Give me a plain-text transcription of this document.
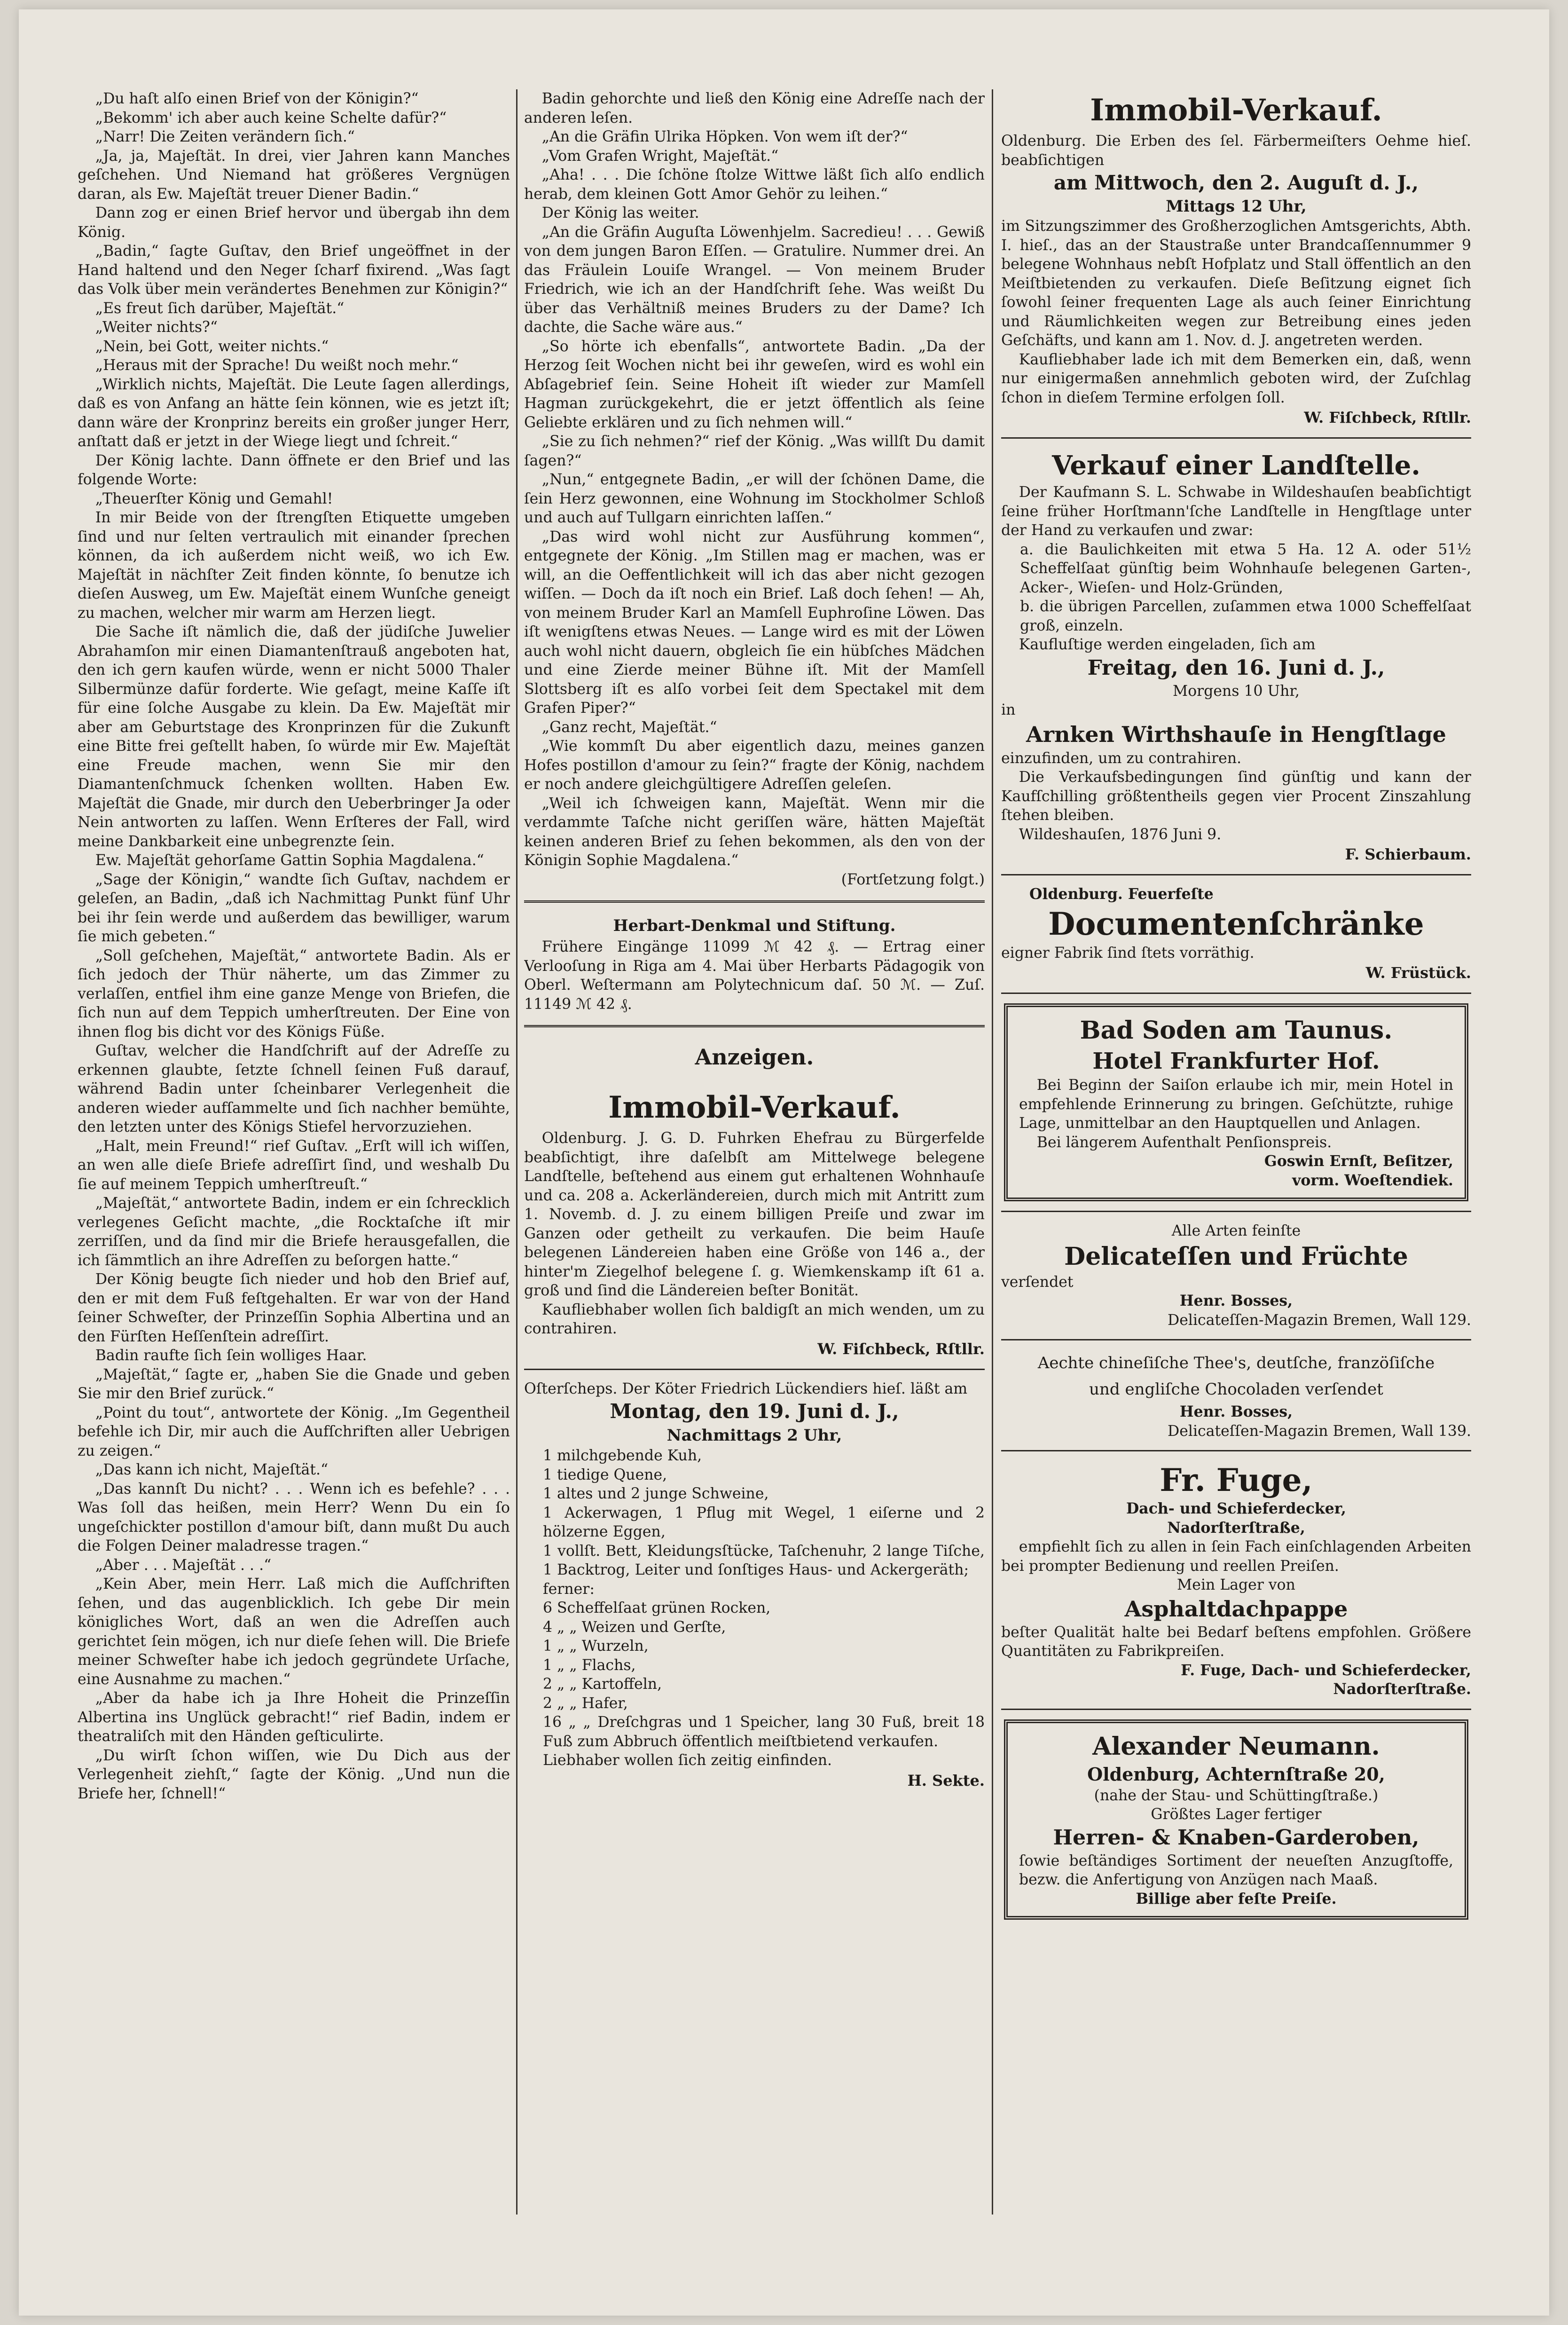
„Du haſt alſo einen Brief von der Königin?“

„Bekomm' ich aber auch keine Schelte dafür?“

„Narr! Die Zeiten verändern ſich.“

„Ja, ja, Majeſtät. In drei, vier Jahren kann Manches geſchehen. Und Niemand hat größeres Vergnügen daran, als Ew. Majeſtät treuer Diener Badin.“

Dann zog er einen Brief hervor und übergab ihn dem König.

„Badin,“ ſagte Guſtav, den Brief ungeöffnet in der Hand haltend und den Neger ſcharf fixirend. „Was ſagt das Volk über mein verändertes Benehmen zur Königin?“

„Es freut ſich darüber, Majeſtät.“

„Weiter nichts?“

„Nein, bei Gott, weiter nichts.“

„Heraus mit der Sprache! Du weißt noch mehr.“

„Wirklich nichts, Majeſtät. Die Leute ſagen allerdings, daß es von Anfang an hätte ſein können, wie es jetzt iſt; dann wäre der Kronprinz bereits ein großer junger Herr, anſtatt daß er jetzt in der Wiege liegt und ſchreit.“

Der König lachte. Dann öffnete er den Brief und las folgende Worte:

„Theuerſter König und Gemahl!

In mir Beide von der ſtrengſten Etiquette umgeben ſind und nur ſelten vertraulich mit einander ſprechen können, da ich außerdem nicht weiß, wo ich Ew. Majeſtät in nächſter Zeit finden könnte, ſo benutze ich dieſen Ausweg, um Ew. Majeſtät einem Wunſche geneigt zu machen, welcher mir warm am Herzen liegt.

Die Sache iſt nämlich die, daß der jüdiſche Juwelier Abrahamſon mir einen Diamantenſtrauß angeboten hat, den ich gern kaufen würde, wenn er nicht 5000 Thaler Silbermünze dafür forderte. Wie geſagt, meine Kaſſe iſt für eine ſolche Ausgabe zu klein. Da Ew. Majeſtät mir aber am Geburtstage des Kronprinzen für die Zukunft eine Bitte frei geſtellt haben, ſo würde mir Ew. Majeſtät eine Freude machen, wenn Sie mir den Diamantenſchmuck ſchenken wollten. Haben Ew. Majeſtät die Gnade, mir durch den Ueberbringer Ja oder Nein antworten zu laſſen. Wenn Erſteres der Fall, wird meine Dankbarkeit eine unbegrenzte ſein.

Ew. Majeſtät gehorſame Gattin Sophia Magdalena.“

„Sage der Königin,“ wandte ſich Guſtav, nachdem er geleſen, an Badin, „daß ich Nachmittag Punkt fünf Uhr bei ihr ſein werde und außerdem das bewilliger, warum ſie mich gebeten.“

„Soll geſchehen, Majeſtät,“ antwortete Badin. Als er ſich jedoch der Thür näherte, um das Zimmer zu verlaſſen, entfiel ihm eine ganze Menge von Briefen, die ſich nun auf dem Teppich umherſtreuten. Der Eine von ihnen flog bis dicht vor des Königs Füße.

Guſtav, welcher die Handſchrift auf der Adreſſe zu erkennen glaubte, ſetzte ſchnell ſeinen Fuß darauf, während Badin unter ſcheinbarer Verlegenheit die anderen wieder aufſammelte und ſich nachher bemühte, den letzten unter des Königs Stiefel hervorzuziehen.

„Halt, mein Freund!“ rief Guſtav. „Erſt will ich wiſſen, an wen alle dieſe Briefe adreſſirt ſind, und weshalb Du ſie auf meinem Teppich umherſtreuſt.“

„Majeſtät,“ antwortete Badin, indem er ein ſchrecklich verlegenes Geſicht machte, „die Rocktaſche iſt mir zerriſſen, und da ſind mir die Briefe herausgefallen, die ich ſämmtlich an ihre Adreſſen zu beſorgen hatte.“

Der König beugte ſich nieder und hob den Brief auf, den er mit dem Fuß feſtgehalten. Er war von der Hand ſeiner Schweſter, der Prinzeſſin Sophia Albertina und an den Fürſten Heſſenſtein adreſſirt.

Badin raufte ſich ſein wolliges Haar.

„Majeſtät,“ ſagte er, „haben Sie die Gnade und geben Sie mir den Brief zurück.“

„Point du tout“, antwortete der König. „Im Gegentheil befehle ich Dir, mir auch die Aufſchriften aller Uebrigen zu zeigen.“

„Das kann ich nicht, Majeſtät.“

„Das kannſt Du nicht? . . . Wenn ich es befehle? . . . Was ſoll das heißen, mein Herr? Wenn Du ein ſo ungeſchickter postillon d'amour biſt, dann mußt Du auch die Folgen Deiner maladresse tragen.“

„Aber . . . Majeſtät . . .“

„Kein Aber, mein Herr. Laß mich die Aufſchriften ſehen, und das augenblicklich. Ich gebe Dir mein königliches Wort, daß an wen die Adreſſen auch gerichtet ſein mögen, ich nur dieſe ſehen will. Die Briefe meiner Schweſter habe ich jedoch gegründete Urſache, eine Ausnahme zu machen.“

„Aber da habe ich ja Ihre Hoheit die Prinzeſſin Albertina ins Unglück gebracht!“ rief Badin, indem er theatraliſch mit den Händen geſticulirte.

„Du wirſt ſchon wiſſen, wie Du Dich aus der Verlegenheit ziehſt,“ ſagte der König. „Und nun die Briefe her, ſchnell!“

Badin gehorchte und ließ den König eine Adreſſe nach der anderen leſen.

„An die Gräfin Ulrika Höpken. Von wem iſt der?“

„Vom Grafen Wright, Majeſtät.“

„Aha! . . . Die ſchöne ſtolze Wittwe läßt ſich alſo endlich herab, dem kleinen Gott Amor Gehör zu leihen.“

Der König las weiter.

„An die Gräfin Auguſta Löwenhjelm. Sacredieu! . . . Gewiß von dem jungen Baron Eſſen. — Gratulire. Nummer drei. An das Fräulein Louiſe Wrangel. — Von meinem Bruder Friedrich, wie ich an der Handſchrift ſehe. Was weißt Du über das Verhältniß meines Bruders zu der Dame? Ich dachte, die Sache wäre aus.“

„So hörte ich ebenfalls“, antwortete Badin. „Da der Herzog ſeit Wochen nicht bei ihr geweſen, wird es wohl ein Abſagebrief ſein. Seine Hoheit iſt wieder zur Mamſell Hagman zurückgekehrt, die er jetzt öffentlich als ſeine Geliebte erklären und zu ſich nehmen will.“

„Sie zu ſich nehmen?“ rief der König. „Was willſt Du damit ſagen?“

„Nun,“ entgegnete Badin, „er will der ſchönen Dame, die ſein Herz gewonnen, eine Wohnung im Stockholmer Schloß und auch auf Tullgarn einrichten laſſen.“

„Das wird wohl nicht zur Ausführung kommen“, entgegnete der König. „Im Stillen mag er machen, was er will, an die Oeffentlichkeit will ich das aber nicht gezogen wiſſen. — Doch da iſt noch ein Brief. Laß doch ſehen! — Ah, von meinem Bruder Karl an Mamſell Euphroſine Löwen. Das iſt wenigſtens etwas Neues. — Lange wird es mit der Löwen auch wohl nicht dauern, obgleich ſie ein hübſches Mädchen und eine Zierde meiner Bühne iſt. Mit der Mamſell Slottsberg iſt es alſo vorbei ſeit dem Spectakel mit dem Grafen Piper?“

„Ganz recht, Majeſtät.“

„Wie kommſt Du aber eigentlich dazu, meines ganzen Hofes postillon d'amour zu ſein?“ fragte der König, nachdem er noch andere gleichgültigere Adreſſen geleſen.

„Weil ich ſchweigen kann, Majeſtät. Wenn mir die verdammte Taſche nicht geriſſen wäre, hätten Majeſtät keinen anderen Brief zu ſehen bekommen, als den von der Königin Sophie Magdalena.“

(Fortſetzung folgt.)

Herbart-Denkmal und Stiftung.

Frühere Eingänge 11099 ℳ 42 ₰. — Ertrag einer Verlooſung in Riga am 4. Mai über Herbarts Pädagogik von Oberl. Weſtermann am Polytechnicum daſ. 50 ℳ. — Zuſ. 11149 ℳ 42 ₰.

Anzeigen.

Immobil-Verkauf.

Oldenburg. J. G. D. Fuhrken Ehefrau zu Bürgerfelde beabſichtigt, ihre daſelbſt am Mittelwege belegene Landſtelle, beſtehend aus einem gut erhaltenen Wohnhauſe und ca. 208 a. Ackerländereien, durch mich mit Antritt zum 1. Novemb. d. J. zu einem billigen Preiſe und zwar im Ganzen oder getheilt zu verkaufen. Die beim Hauſe belegenen Ländereien haben eine Größe von 146 a., der hinter'm Ziegelhof belegene ſ. g. Wiemkenskamp iſt 61 a. groß und ſind die Ländereien beſter Bonität.

Kaufliebhaber wollen ſich baldigſt an mich wenden, um zu contrahiren.

W. Fiſchbeck, Rſtllr.

Oſterſcheps. Der Köter Friedrich Lückendiers hieſ. läßt am

Montag, den 19. Juni d. J.,

Nachmittags 2 Uhr,

1 milchgebende Kuh,

1 tiedige Quene,

1 altes und 2 junge Schweine,

1 Ackerwagen, 1 Pflug mit Wegel, 1 eiſerne und 2 hölzerne Eggen,

1 vollſt. Bett, Kleidungsſtücke, Taſchenuhr, 2 lange Tiſche, 1 Backtrog, Leiter und ſonſtiges Haus- und Ackergeräth;

ferner:

6 Scheffelſaat grünen Rocken,

4 „ „ Weizen und Gerſte,

1 „ „ Wurzeln,

1 „ „ Flachs,

2 „ „ Kartoffeln,

2 „ „ Hafer,

16 „ „ Dreſchgras und 1 Speicher, lang 30 Fuß, breit 18 Fuß zum Abbruch öffentlich meiſtbietend verkaufen.

Liebhaber wollen ſich zeitig einfinden.

H. Sekte.

Immobil-Verkauf.

Oldenburg. Die Erben des ſel. Färbermeiſters Oehme hieſ. beabſichtigen

am Mittwoch, den 2. Auguſt d. J.,

Mittags 12 Uhr,

im Sitzungszimmer des Großherzoglichen Amtsgerichts, Abth. I. hieſ., das an der Staustraße unter Brandcaſſennummer 9 belegene Wohnhaus nebſt Hofplatz und Stall öffentlich an den Meiſtbietenden zu verkaufen. Dieſe Beſitzung eignet ſich ſowohl ſeiner frequenten Lage als auch ſeiner Einrichtung und Räumlichkeiten wegen zur Betreibung eines jeden Geſchäfts, und kann am 1. Nov. d. J. angetreten werden.

Kaufliebhaber lade ich mit dem Bemerken ein, daß, wenn nur einigermaßen annehmlich geboten wird, der Zuſchlag ſchon in dieſem Termine erfolgen ſoll.

W. Fiſchbeck, Rſtllr.

Verkauf einer Landſtelle.

Der Kaufmann S. L. Schwabe in Wildeshauſen beabſichtigt ſeine früher Horſtmann'ſche Landſtelle in Hengſtlage unter der Hand zu verkaufen und zwar:

a. die Baulichkeiten mit etwa 5 Ha. 12 A. oder 51½ Scheffelſaat günſtig beim Wohnhauſe belegenen Garten-, Acker-, Wieſen- und Holz-Gründen,

b. die übrigen Parcellen, zuſammen etwa 1000 Scheffelſaat groß, einzeln.

Kaufluſtige werden eingeladen, ſich am

Freitag, den 16. Juni d. J.,

Morgens 10 Uhr,

in

Arnken Wirthshauſe in Hengſtlage

einzufinden, um zu contrahiren.

Die Verkaufsbedingungen ſind günſtig und kann der Kaufſchilling größtentheils gegen vier Procent Zinszahlung ſtehen bleiben.

Wildeshauſen, 1876 Juni 9.

F. Schierbaum.

Oldenburg. Feuerfeſte

Documentenſchränke

eigner Fabrik ſind ſtets vorräthig.

W. Früstück.

Bad Soden am Taunus.

Hotel Frankfurter Hof.

Bei Beginn der Saiſon erlaube ich mir, mein Hotel in empfehlende Erinnerung zu bringen. Geſchützte, ruhige Lage, unmittelbar an den Hauptquellen und Anlagen.

Bei längerem Aufenthalt Penſionspreis.

Goswin Ernſt, Beſitzer,

vorm. Woeſtendiek.

Alle Arten feinſte

Delicateſſen und Früchte

verſendet

Henr. Bosses,

Delicateſſen-Magazin Bremen, Wall 129.

Aechte chineſiſche Thee's, deutſche, franzöſiſche

und engliſche Chocoladen verſendet

Henr. Bosses,

Delicateſſen-Magazin Bremen, Wall 139.

Fr. Fuge,

Dach- und Schieferdecker,

Nadorſterſtraße,

empfiehlt ſich zu allen in ſein Fach einſchlagenden Arbeiten bei prompter Bedienung und reellen Preiſen.

Mein Lager von

Asphaltdachpappe

beſter Qualität halte bei Bedarf beſtens empfohlen. Größere Quantitäten zu Fabrikpreiſen.

F. Fuge, Dach- und Schieferdecker,

Nadorſterſtraße.

Alexander Neumann.

Oldenburg, Achternſtraße 20,

(nahe der Stau- und Schüttingſtraße.)

Größtes Lager fertiger

Herren- & Knaben-Garderoben,

ſowie beſtändiges Sortiment der neueſten Anzugſtoffe, bezw. die Anfertigung von Anzügen nach Maaß.

Billige aber feſte Preiſe.
